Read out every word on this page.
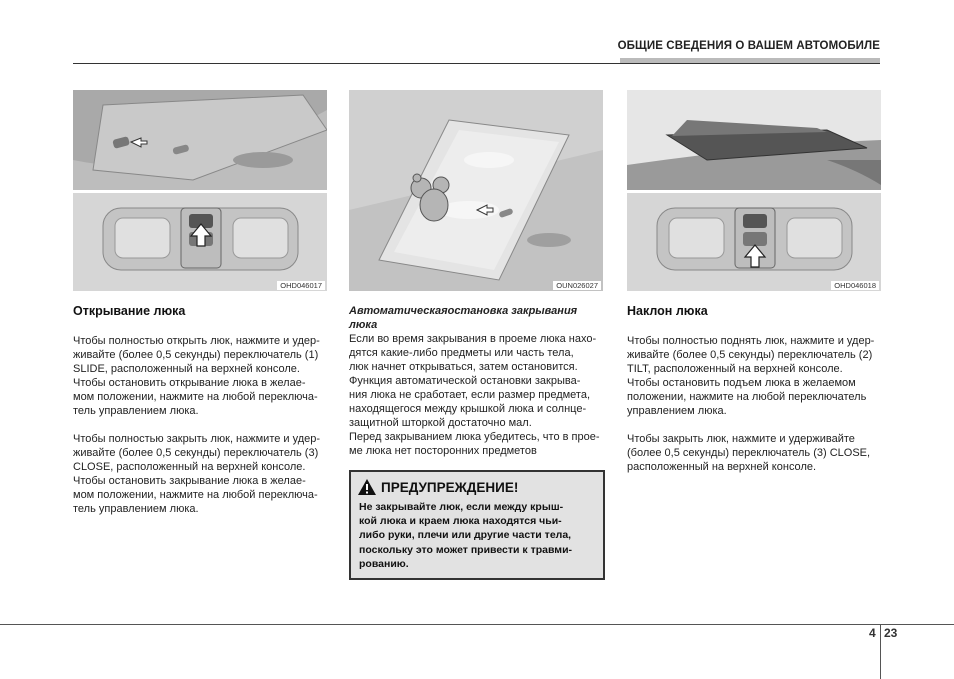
ОБЩИЕ СВЕДЕНИЯ О ВАШЕМ АВТОМОБИЛЕ
OHD046017	OUN026027	OHD046018
Открывание люка

Чтобы полностью открыть люк, нажмите и удер-

живайте (более 0,5 секунды) переключатель (1)

SLIDE, расположенный на верхней консоле.

Чтобы остановить открывание люка в желае-

мом положении, нажмите на любой переключа-

тель управлением люка.

Чтобы полностью закрыть люк, нажмите и удер-

живайте (более 0,5 секунды) переключатель (3)

CLOSE, расположенный на верхней консоле.

Чтобы остановить закрывание люка в желае-

мом положении, нажмите на любой переключа-

тель управлением люка.

Автоматическаяостановка закрывания

люка

Если во время закрывания в проеме люка нахо-

дятся какие-либо предметы или часть тела,

люк начнет открываться, затем остановится.

Функция автоматической остановки закрыва-

ния люка не сработает, если размер предмета,

находящегося между крышкой люка и солнце-

защитной шторкой достаточно мал.

Перед закрыванием люка убедитесь, что в прое-

ме люка нет посторонних предметов

ПРЕДУПРЕЖДЕНИЕ!
Не закрывайте люк, если между крыш-
кой люка и краем люка находятся чьи-
либо руки, плечи или другие части тела,
поскольку это может привести к травми-
рованию.
Наклон люка

Чтобы полностью поднять люк, нажмите и удер-

живайте (более 0,5 секунды) переключатель (2)

TILT, расположенный на верхней консоле.

Чтобы остановить подъем люка в желаемом

положении, нажмите на любой переключатель

управлением люка.

Чтобы закрыть люк, нажмите и удерживайте

(более 0,5 секунды) переключатель (3) CLOSE,

расположенный на верхней консоле.

4 23
